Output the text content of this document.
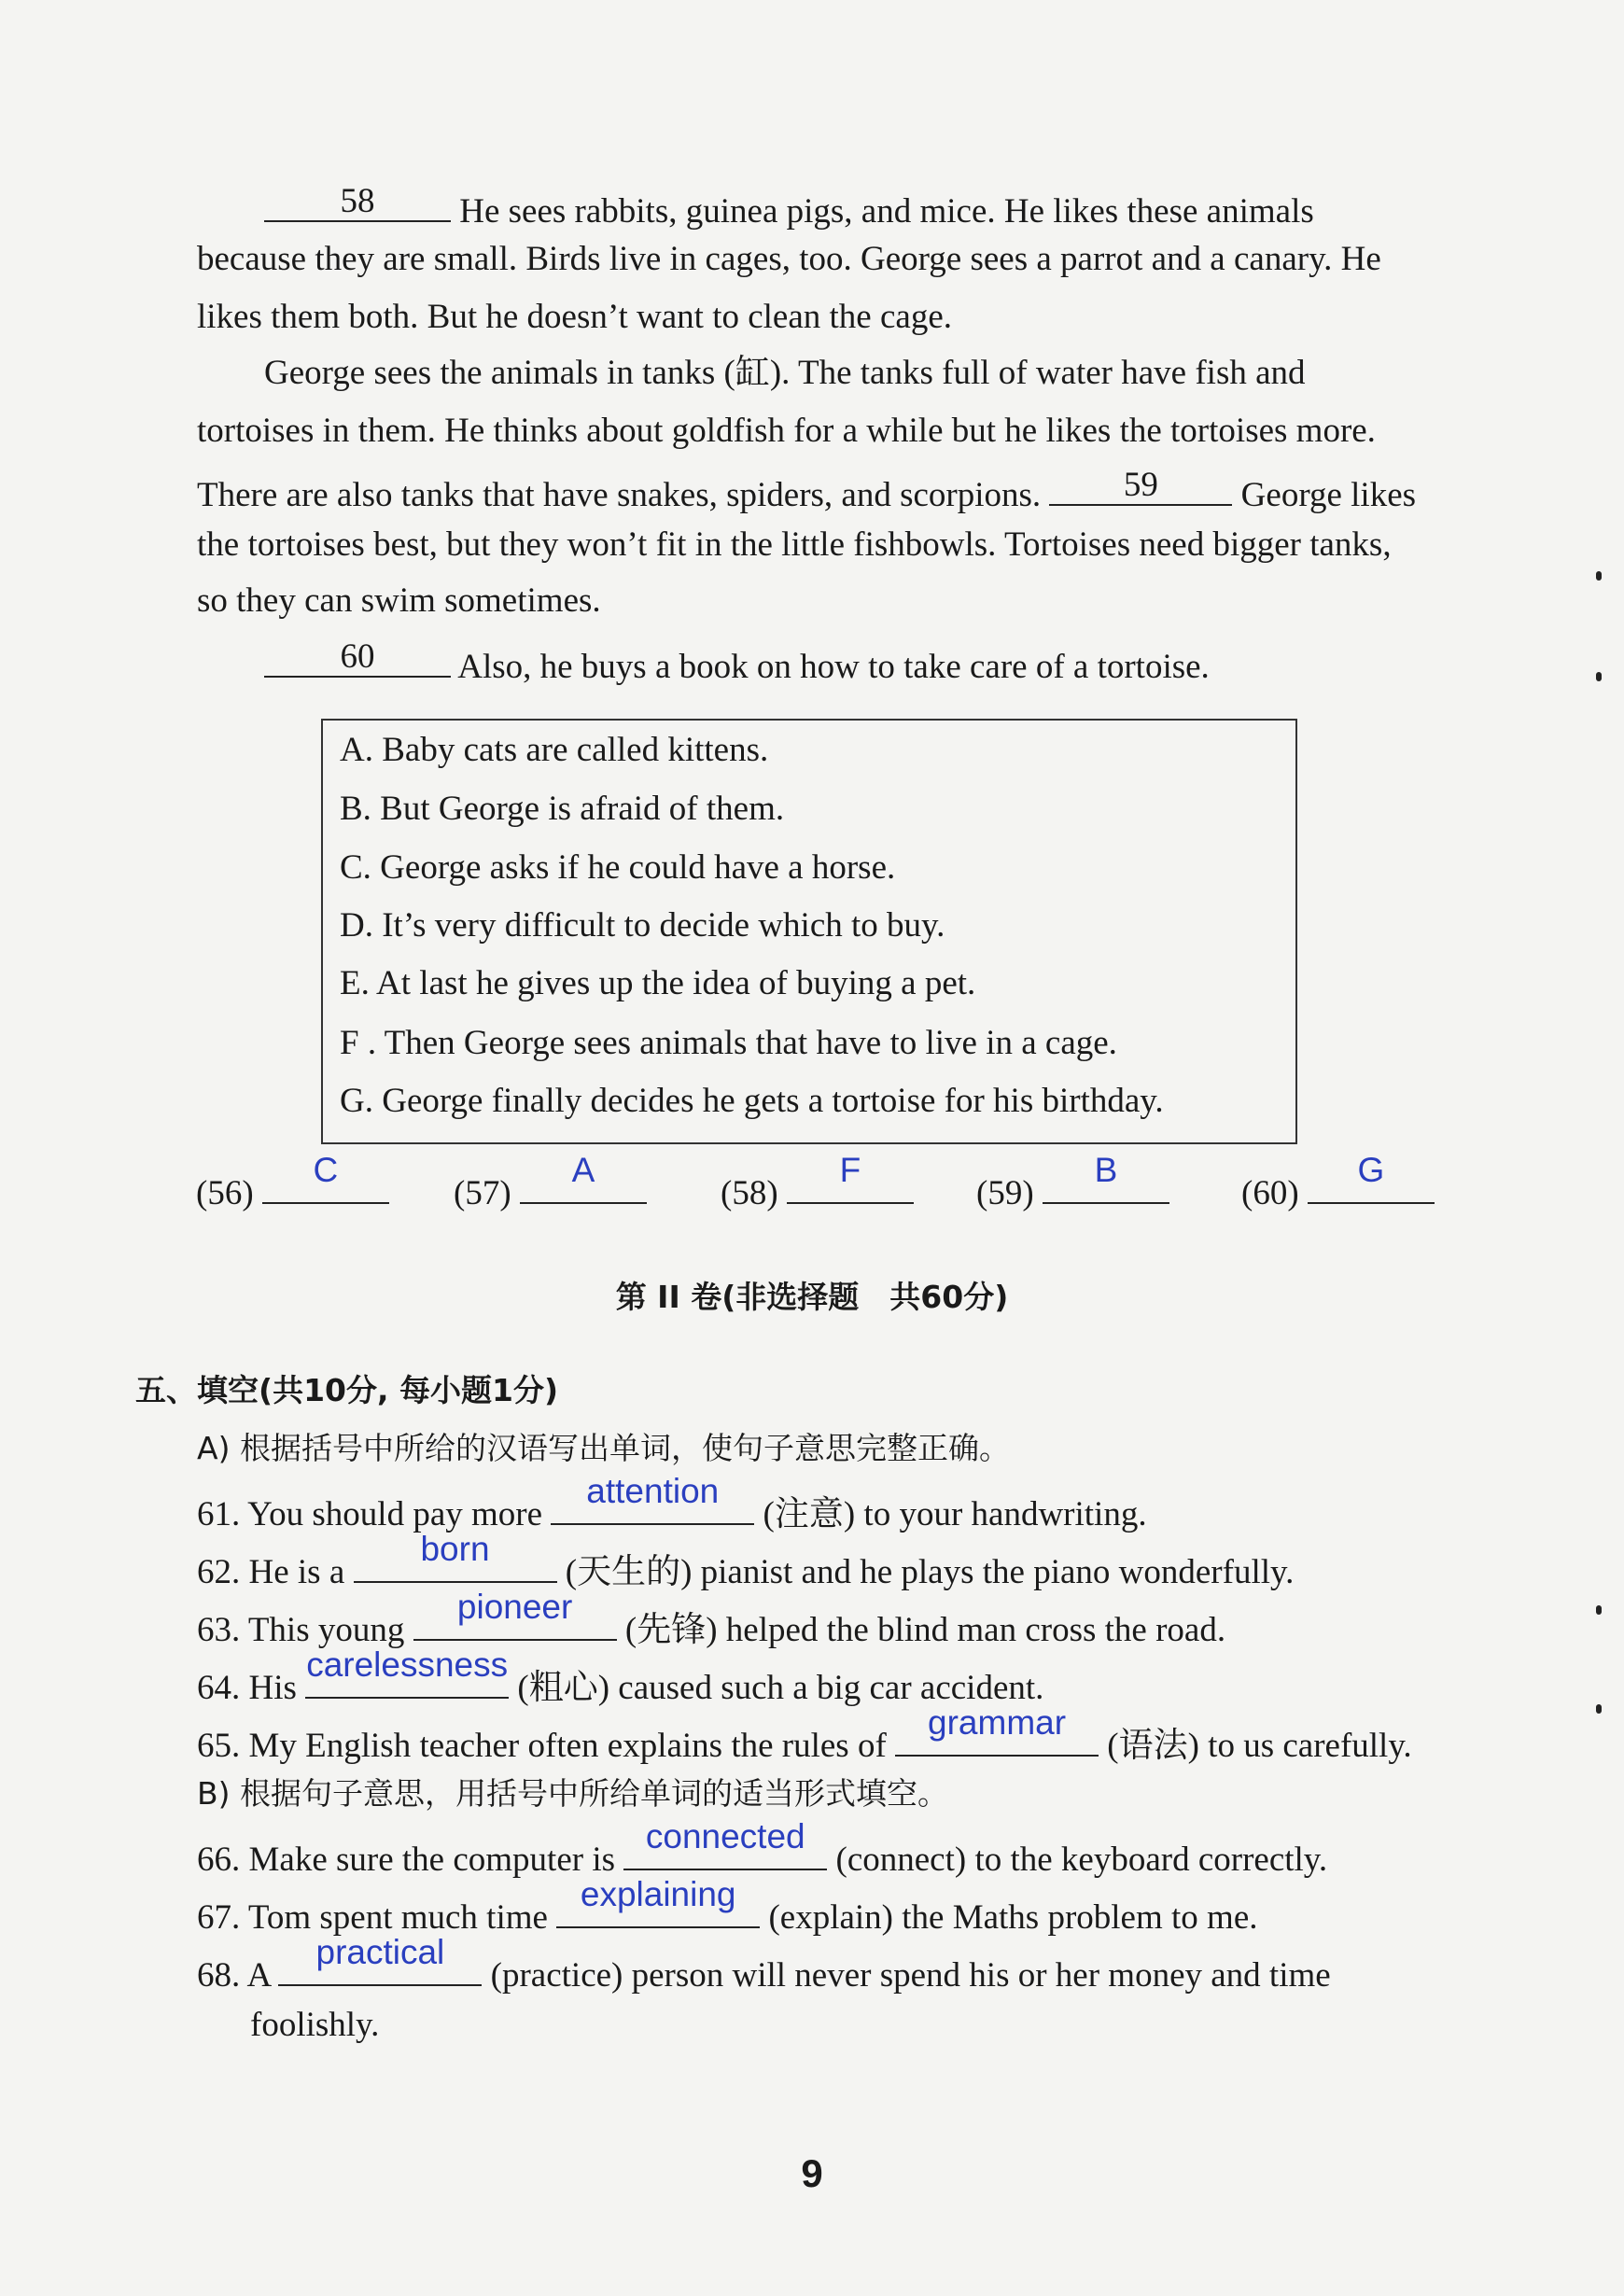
58	He sees rabbits, guinea pigs, and mice. He likes these animals
because they are small. Birds live in cages, too. George sees a parrot and a canary. He
likes them both. But he doesn’t want to clean the cage.
George sees the animals in tanks (缸). The tanks full of water have fish and
tortoises in them. He thinks about goldfish for a while but he likes the tortoises more.
There are also tanks that have snakes, spiders, and scorpions.	59	George likes
the tortoises best, but they won’t fit in the little fishbowls. Tortoises need bigger tanks,
so they can swim sometimes.
60	Also, he buys a book on how to take care of a tortoise.
A. Baby cats are called kittens.
B. But George is afraid of them.
C. George asks if he could have a horse.
D. It’s very difficult to decide which to buy.
E. At last he gives up the idea of buying a pet.
F . Then George sees animals that have to live in a cage.
G. George finally decides he gets a tortoise for his birthday.
(56)
C
(57)
A
(58)
F
(59)
B
(60)
G
第 II 卷(非选择题　共60分)
五、填空(共10分, 每小题1分)
A) 根据括号中所给的汉语写出单词，使句子意思完整正确。
61. You should pay more
attention
(注意) to your handwriting.
62. He is a
born
(天生的) pianist and he plays the piano wonderfully.
63. This young
pioneer
(先锋) helped the blind man cross the road.
64. His
carelessness
(粗心) caused such a big car accident.
65. My English teacher often explains the rules of
grammar
(语法) to us carefully.
B) 根据句子意思，用括号中所给单词的适当形式填空。
66. Make sure the computer is
connected
(connect) to the keyboard correctly.
67. Tom spent much time
explaining
(explain) the Maths problem to me.
68. A
practical
(practice) person will never spend his or her money and time
foolishly.
9
